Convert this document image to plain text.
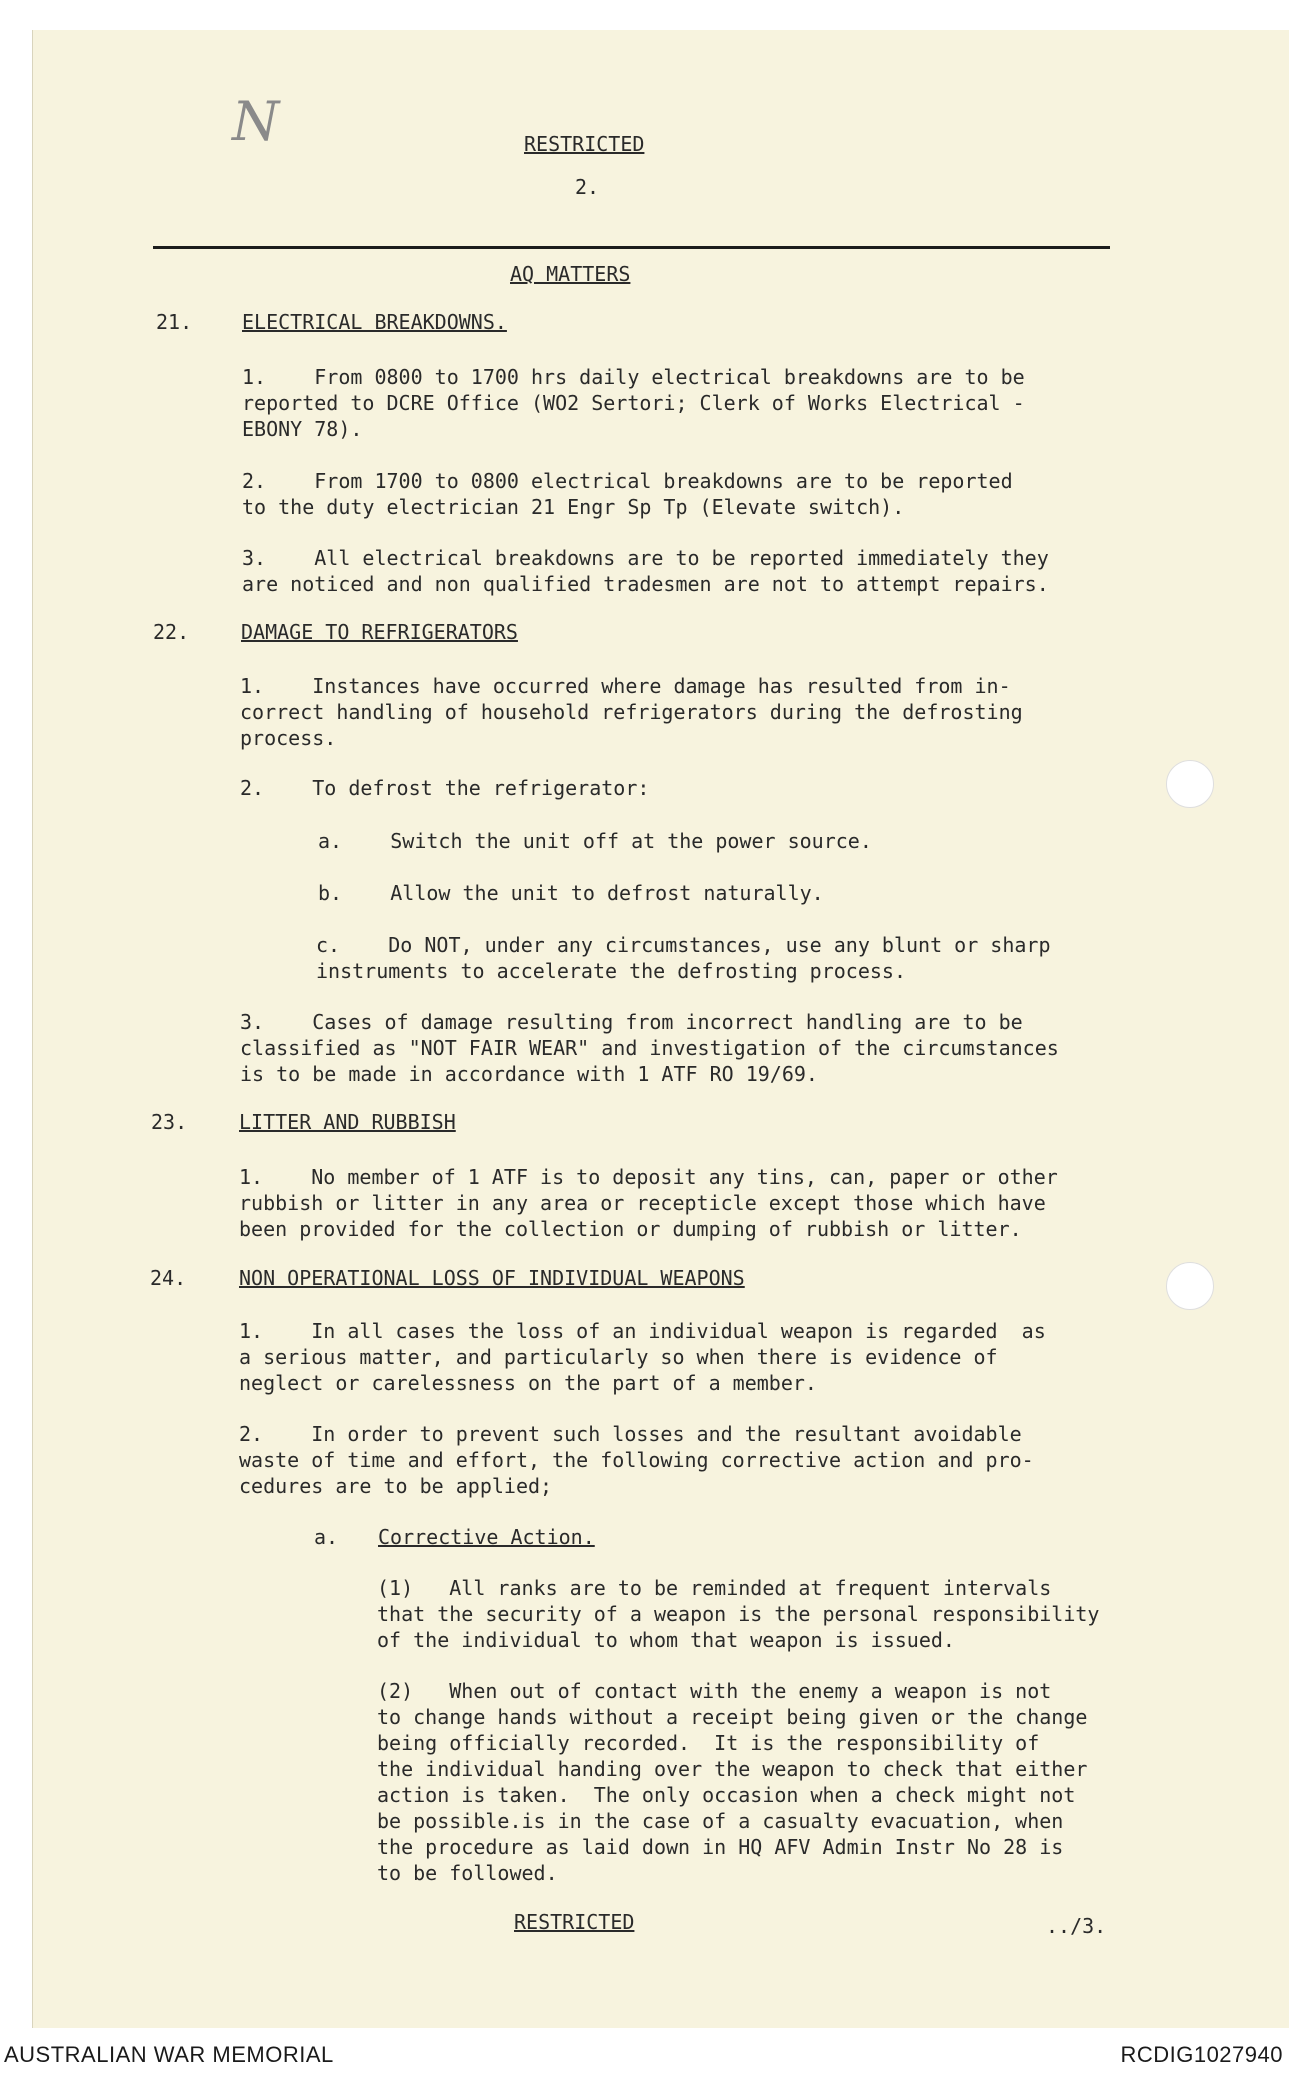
N	RESTRICTED
2.
AQ MATTERS
21. ELECTRICAL BREAKDOWNS.
1.    From 0800 to 1700 hrs daily electrical breakdowns are to be
reported to DCRE Office (WO2 Sertori; Clerk of Works Electrical -
EBONY 78).
2.    From 1700 to 0800 electrical breakdowns are to be reported
to the duty electrician 21 Engr Sp Tp (Elevate switch).
3.    All electrical breakdowns are to be reported immediately they
are noticed and non qualified tradesmen are not to attempt repairs.
22.	DAMAGE TO REFRIGERATORS
1.    Instances have occurred where damage has resulted from in-
correct handling of household refrigerators during the defrosting
process.
2.    To defrost the refrigerator:
a.    Switch the unit off at the power source.
b.    Allow the unit to defrost naturally.
c.    Do NOT, under any circumstances, use any blunt or sharp
instruments to accelerate the defrosting process.
3.    Cases of damage resulting from incorrect handling are to be
classified as "NOT FAIR WEAR" and investigation of the circumstances
is to be made in accordance with 1 ATF RO 19/69.
23.	LITTER AND RUBBISH
1.    No member of 1 ATF is to deposit any tins, can, paper or other
rubbish or litter in any area or recepticle except those which have
been provided for the collection or dumping of rubbish or litter.
24.	NON OPERATIONAL LOSS OF INDIVIDUAL WEAPONS
1.    In all cases the loss of an individual weapon is regarded  as
a serious matter, and particularly so when there is evidence of
neglect or carelessness on the part of a member.
2.    In order to prevent such losses and the resultant avoidable
waste of time and effort, the following corrective action and pro-
cedures are to be applied;
a. Corrective Action.
(1)   All ranks are to be reminded at frequent intervals
that the security of a weapon is the personal responsibility
of the individual to whom that weapon is issued.
(2)   When out of contact with the enemy a weapon is not
to change hands without a receipt being given or the change
being officially recorded.  It is the responsibility of
the individual handing over the weapon to check that either
action is taken.  The only occasion when a check might not
be possible.is in the case of a casualty evacuation, when
the procedure as laid down in HQ AFV Admin Instr No 28 is
to be followed.
RESTRICTED	../3.
AUSTRALIAN WAR MEMORIAL	RCDIG1027940
